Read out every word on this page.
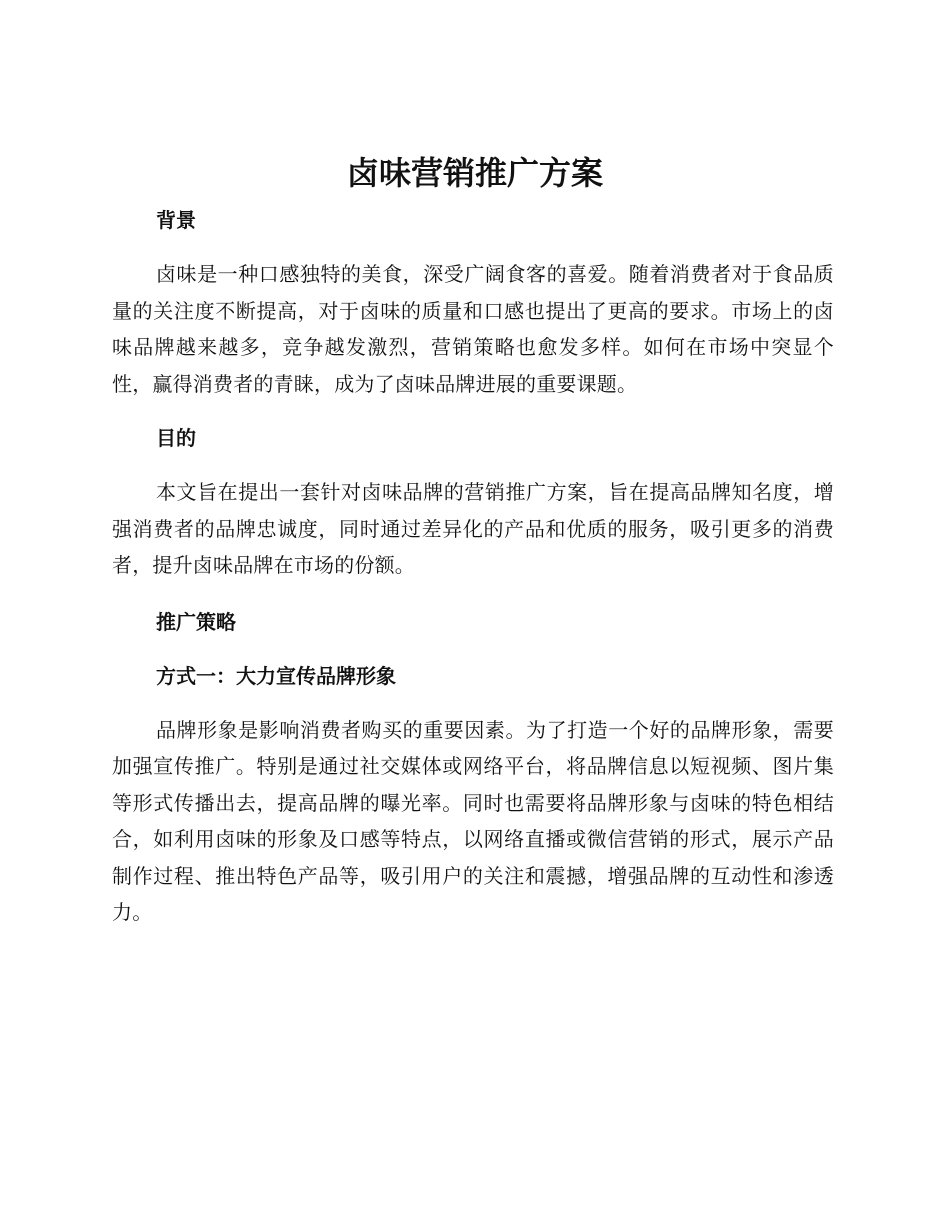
卤味营销推广方案
背景

卤味是一种口感独特的美食，深受广阔食客的喜爱。随着消费者对于食品质量的关注度不断提高，对于卤味的质量和口感也提出了更高的要求。市场上的卤味品牌越来越多，竞争越发激烈，营销策略也愈发多样。如何在市场中突显个性，赢得消费者的青睐，成为了卤味品牌进展的重要课题。

目的

本文旨在提出一套针对卤味品牌的营销推广方案，旨在提高品牌知名度，增强消费者的品牌忠诚度，同时通过差异化的产品和优质的服务，吸引更多的消费者，提升卤味品牌在市场的份额。

推广策略
方式一：大力宣传品牌形象

品牌形象是影响消费者购买的重要因素。为了打造一个好的品牌形象，需要加强宣传推广。特别是通过社交媒体或网络平台，将品牌信息以短视频、图片集等形式传播出去，提高品牌的曝光率。同时也需要将品牌形象与卤味的特色相结合，如利用卤味的形象及口感等特点，以网络直播或微信营销的形式，展示产品制作过程、推出特色产品等，吸引用户的关注和震撼，增强品牌的互动性和渗透力。
